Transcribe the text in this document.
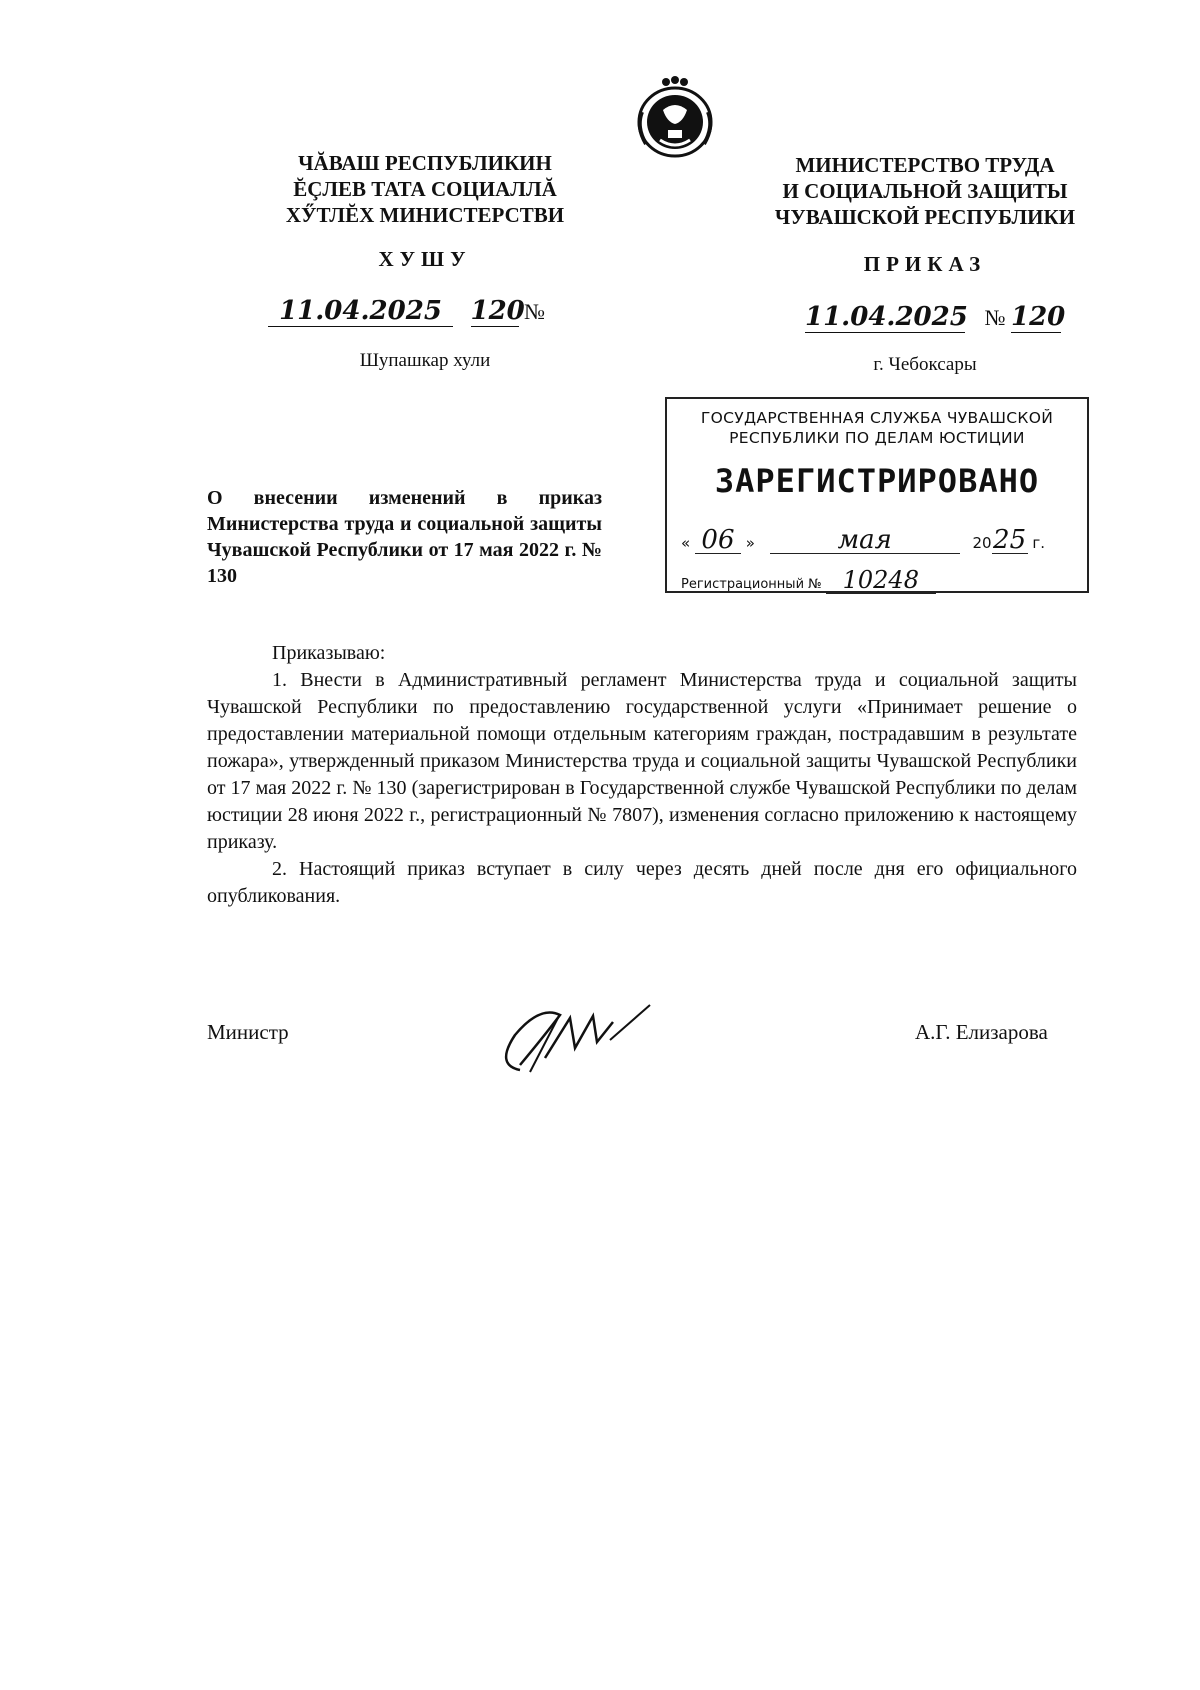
ЧĂВАШ РЕСПУБЛИКИН
ĔÇЛЕВ ТАТА СОЦИАЛЛĂ
ХӲТЛĔХ МИНИСТЕРСТВИ
МИНИСТЕРСТВО ТРУДА
И СОЦИАЛЬНОЙ ЗАЩИТЫ
ЧУВАШСКОЙ РЕСПУБЛИКИ
ХУШУ	ПРИКАЗ
11.04.2025 120 №	11.04.2025 № 120
Шупашкар хули	г. Чебоксары
ГОСУДАРСТВЕННАЯ СЛУЖБА ЧУВАШСКОЙ
РЕСПУБЛИКИ ПО ДЕЛАМ ЮСТИЦИИ
ЗАРЕГИСТРИРОВАНО
« 06 »	мая	2025 г.
Регистрационный № 10248
О внесении изменений в приказ Министерства труда и социальной защиты Чувашской Республики от 17 мая 2022 г. № 130

Приказываю:

1. Внести в Административный регламент Министерства труда и социальной защиты Чувашской Республики по предоставлению государственной услуги «Принимает решение о предоставлении материальной помощи отдельным категориям граждан, пострадавшим в результате пожара», утвержденный приказом Министерства труда и социальной защиты Чувашской Республики от 17 мая 2022 г. № 130 (зарегистрирован в Государственной службе Чувашской Республики по делам юстиции 28 июня 2022 г., регистрационный № 7807), изменения согласно приложению к настоящему приказу.

2. Настоящий приказ вступает в силу через десять дней после дня его официального опубликования.

Министр	А.Г. Елизарова
